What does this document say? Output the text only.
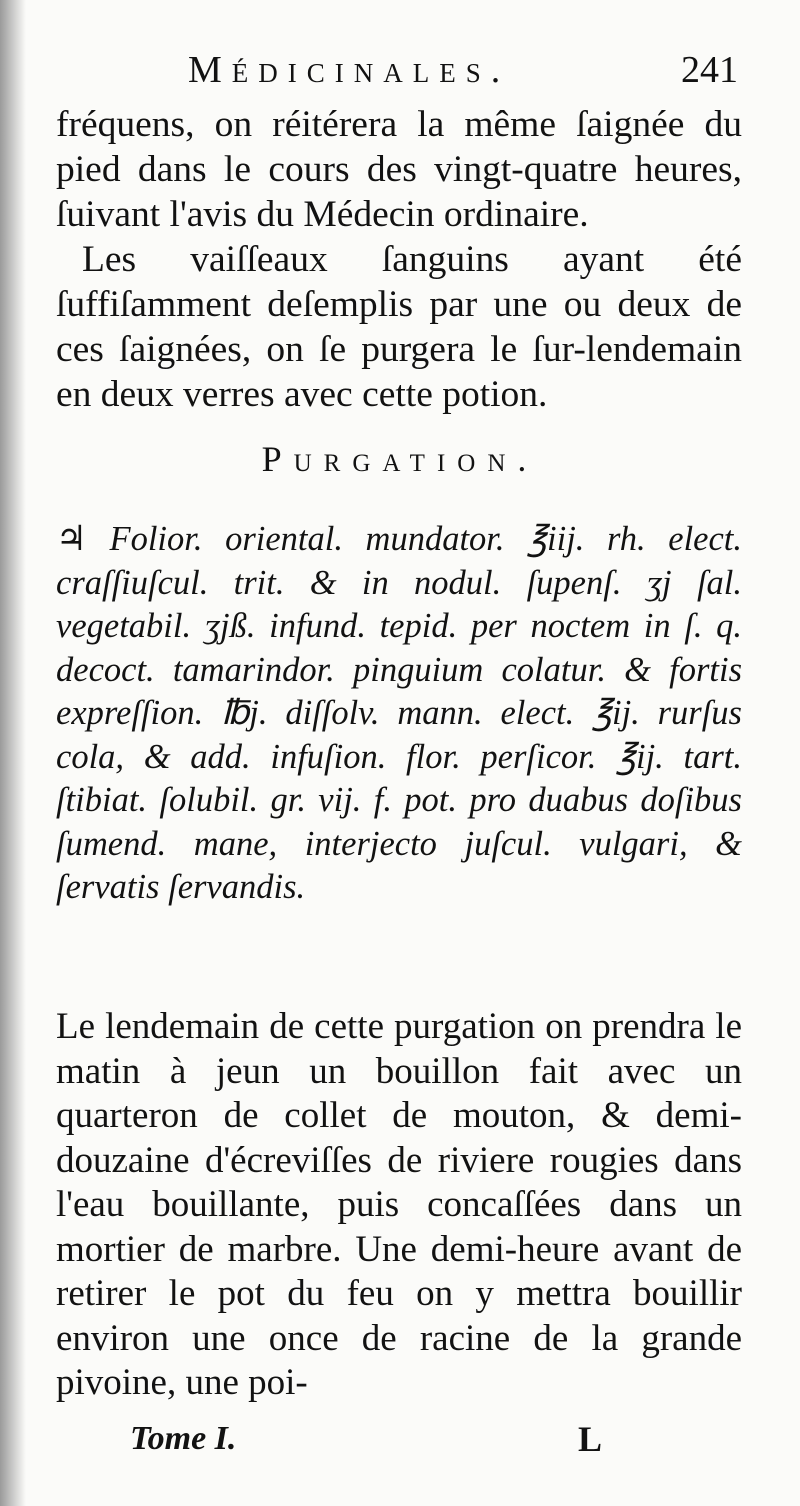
Médicinales.	241

fréquens, on réitérera la même ſaignée du pied dans le cours des vingt-quatre heures, ſuivant l'avis du Médecin ordinaire.

Les vaiſſeaux ſanguins ayant été ſuffiſamment deſemplis par une ou deux de ces ſaignées, on ſe purgera le ſur-lendemain en deux verres avec cette potion.

Purgation.

♃ Folior. oriental. mundator. ℥iij. rh. elect. craſſiuſcul. trit. & in nodul. ſupenſ. ʒj ſal. vegetabil. ʒjß. infund. tepid. per noctem in ſ. q. decoct. tamarindor. pinguium colatur. & fortis expreſſion. ℔j. diſſolv. mann. elect. ℥ij. rurſus cola, & add. infuſion. flor. perſicor. ℥ij. tart. ſtibiat. ſolubil. gr. vij. f. pot. pro duabus doſibus ſumend. mane, interjecto juſcul. vulgari, & ſervatis ſervandis.

Le lendemain de cette purgation on prendra le matin à jeun un bouillon fait avec un quarteron de collet de mouton, & demi-douzaine d'écreviſſes de riviere rougies dans l'eau bouillante, puis concaſſées dans un mortier de marbre. Une demi-heure avant de retirer le pot du feu on y mettra bouillir environ une once de racine de la grande pivoine, une poi-

Tome I.	L
